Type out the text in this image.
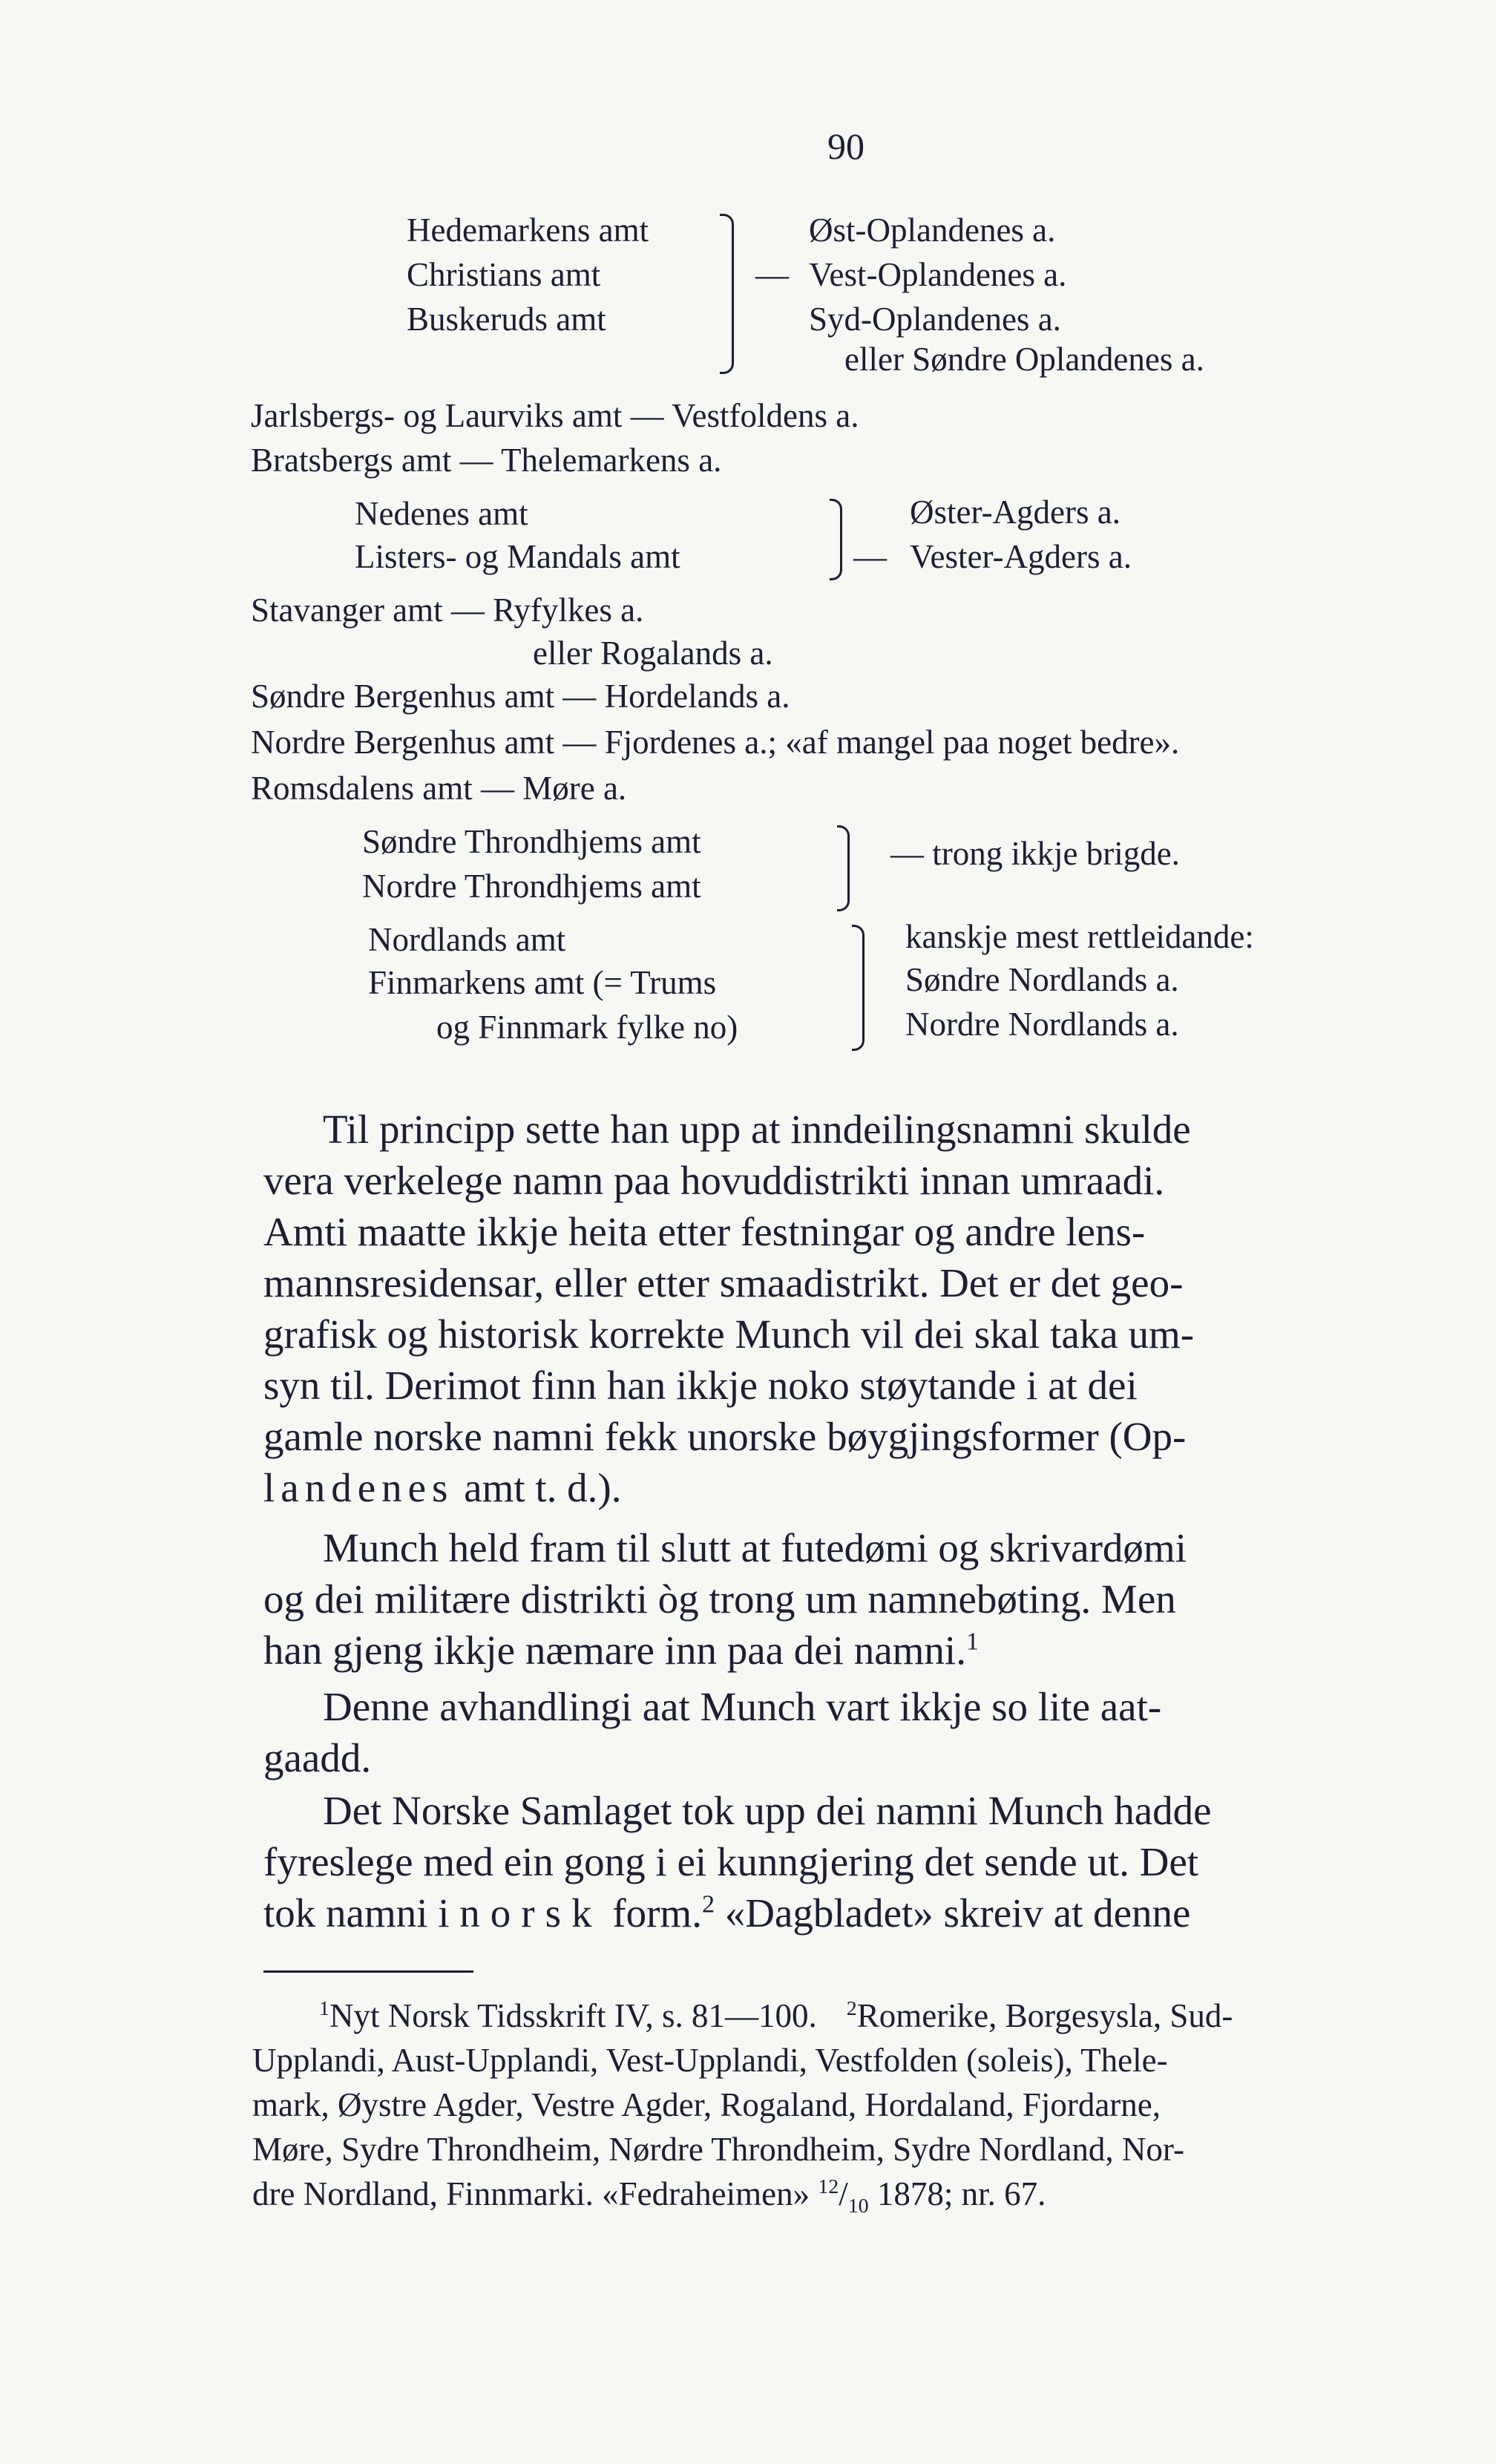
90
Hedemarkens amt
Christians amt
Buskeruds amt
—
Øst-Oplandenes a.
Vest-Oplandenes a.
Syd-Oplandenes a.
eller Søndre Oplandenes a.
Jarlsbergs- og Laurviks amt — Vestfoldens a.
Bratsbergs amt — Thelemarkens a.
Nedenes amt
Listers- og Mandals amt	—
Øster-Agders a.
Vester-Agders a.
Stavanger amt — Ryfylkes a.
eller Rogalands a.
Søndre Bergenhus amt — Hordelands a.
Nordre Bergenhus amt — Fjordenes a.; «af mangel paa noget bedre».
Romsdalens amt — Møre a.
Søndre Throndhjems amt
Nordre Throndhjems amt
— trong ikkje brigde.
Nordlands amt
Finmarkens amt (= Trums
og Finnmark fylke no)
kanskje mest rettleidande:
Søndre Nordlands a.
Nordre Nordlands a.
Til principp sette han upp at inndeilingsnamni skulde
vera verkelege namn paa hovuddistrikti innan umraadi.
Amti maatte ikkje heita etter festningar og andre lens-
mannsresidensar, eller etter smaadistrikt. Det er det geo-
grafisk og historisk korrekte Munch vil dei skal taka um-
syn til. Derimot finn han ikkje noko støytande i at dei
gamle norske namni fekk unorske bøygjingsformer (Op-
landenes amt t. d.).
Munch held fram til slutt at futedømi og skrivardømi
og dei militære distrikti òg trong um namnebøting. Men
han gjeng ikkje næmare inn paa dei namni.$^1$
Denne avhandlingi aat Munch vart ikkje so lite aat-
gaadd.
Det Norske Samlaget tok upp dei namni Munch hadde
fyreslege med ein gong i ei kunngjering det sende ut. Det
tok namni i norsk form.$^2$ «Dagbladet» skreiv at denne
$^1$Nyt Norsk Tidsskrift IV, s. 81—100. $^2$Romerike, Borgesysla, Sud-
Upplandi, Aust-Upplandi, Vest-Upplandi, Vestfolden (soleis), Thele-
mark, Øystre Agder, Vestre Agder, Rogaland, Hordaland, Fjordarne,
Møre, Sydre Throndheim, Nørdre Throndheim, Sydre Nordland, Nor-
dre Nordland, Finnmarki. «Fedraheimen» $^{12}/_{10}$ 1878; nr. 67.
